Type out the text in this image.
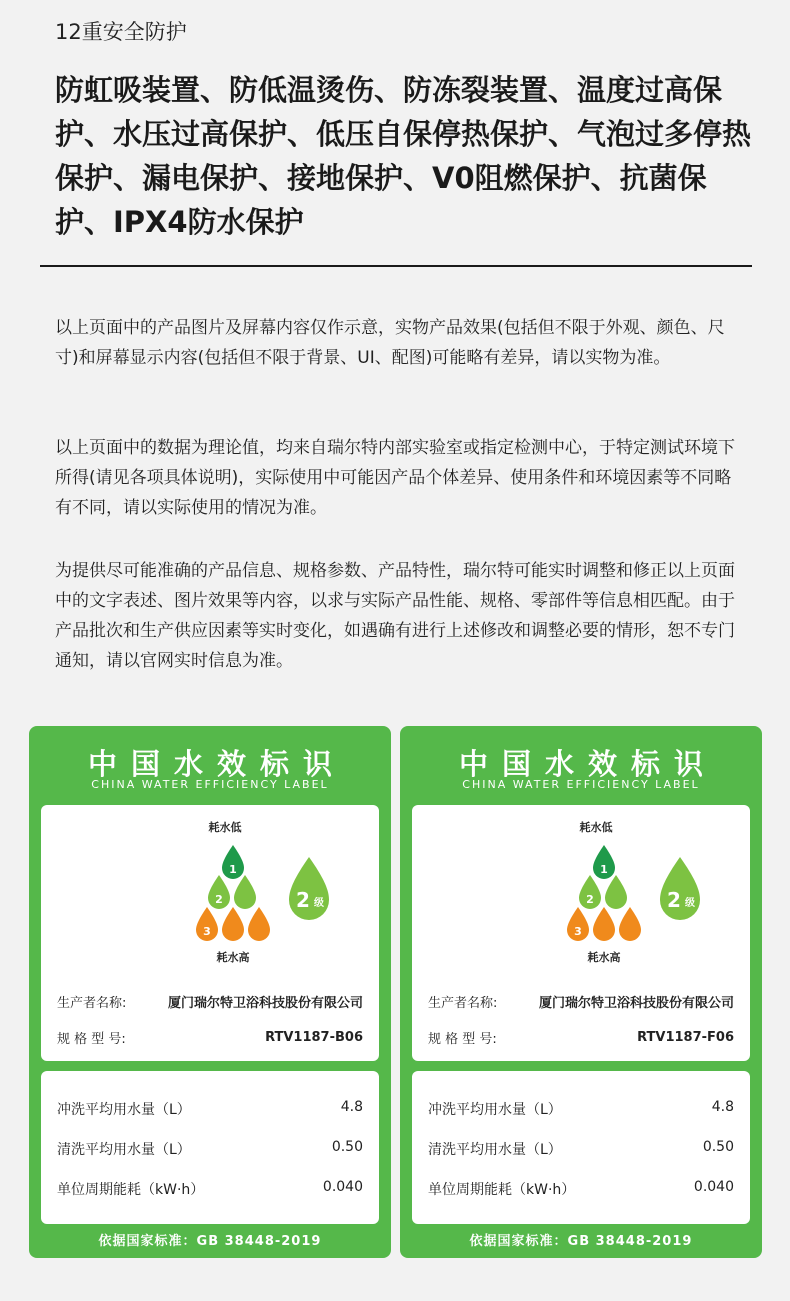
12重安全防护
防虹吸装置、防低温烫伤、防冻裂装置、温度过高保护、水压过高保护、低压自保停热保护、气泡过多停热保护、漏电保护、接地保护、V0阻燃保护、抗菌保护、IPX4防水保护

以上页面中的产品图片及屏幕内容仅作示意，实物产品效果(包括但不限于外观、颜色、尺寸)和屏幕显示内容(包括但不限于背景、UI、配图)可能略有差异，请以实物为准。

以上页面中的数据为理论值，均来自瑞尔特内部实验室或指定检测中心，于特定测试环境下所得(请见各项具体说明)，实际使用中可能因产品个体差异、使用条件和环境因素等不同略有不同，请以实际使用的情况为准。

为提供尽可能准确的产品信息、规格参数、产品特性，瑞尔特可能实时调整和修正以上页面中的文字表述、图片效果等内容，以求与实际产品性能、规格、零部件等信息相匹配。由于产品批次和生产供应因素等实时变化，如遇确有进行上述修改和调整必要的情形，恕不专门通知，请以官网实时信息为准。

中国水效标识
CHINA WATER EFFICIENCY LABEL
耗水低
1
2
3
2 级
耗水高
生产者名称:	厦门瑞尔特卫浴科技股份有限公司
规 格 型 号:	RTV1187-B06
冲洗平均用水量（L）	4.8
清洗平均用水量（L）	0.50
单位周期能耗（kW·h）	0.040
依据国家标准：GB 38448-2019
中国水效标识
CHINA WATER EFFICIENCY LABEL
耗水低
1
2
3
2 级
耗水高
生产者名称:	厦门瑞尔特卫浴科技股份有限公司
规 格 型 号:	RTV1187-F06
冲洗平均用水量（L）	4.8
清洗平均用水量（L）	0.50
单位周期能耗（kW·h）	0.040
依据国家标准：GB 38448-2019
